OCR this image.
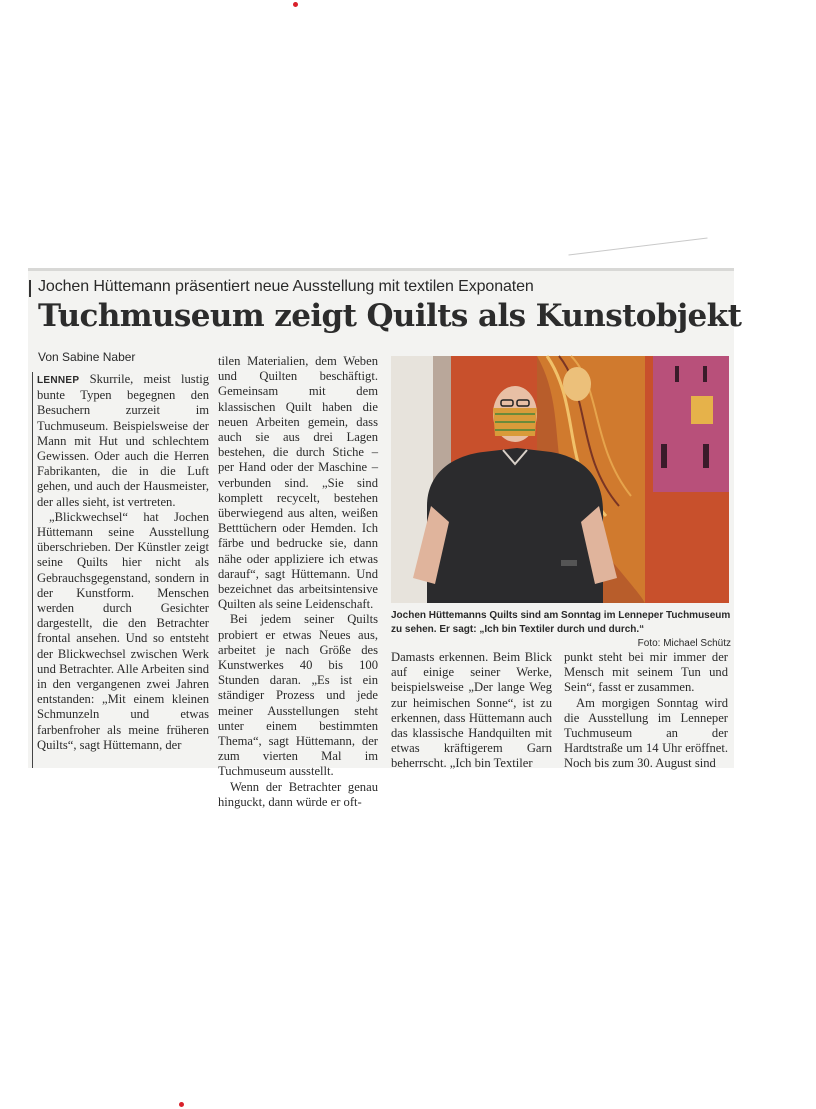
Jochen Hüttemann präsentiert neue Ausstellung mit textilen Exponaten
Tuchmuseum zeigt Quilts als Kunstobjekt
Von Sabine Naber

LENNEP Skurrile, meist lustig bunte Typen begegnen den Besuchern zurzeit im Tuchmuseum. Beispielsweise der Mann mit Hut und schlechtem Gewissen. Oder auch die Herren Fabrikanten, die in die Luft gehen, und auch der Hausmeister, der alles sieht, ist vertreten.

„Blickwechsel“ hat Jochen Hüttemann seine Ausstellung überschrieben. Der Künstler zeigt seine Quilts hier nicht als Gebrauchsgegenstand, sondern in der Kunstform. Menschen werden durch Gesichter dargestellt, die den Betrachter frontal ansehen. Und so entsteht der Blickwechsel zwischen Werk und Betrachter. Alle Arbeiten sind in den vergangenen zwei Jahren entstanden: „Mit einem kleinen Schmunzeln und etwas farbenfroher als meine früheren Quilts“, sagt Hüttemann, der

tilen Materialien, dem Weben und Quilten beschäftigt. Gemeinsam mit dem klassischen Quilt haben die neuen Arbeiten gemein, dass auch sie aus drei Lagen bestehen, die durch Stiche – per Hand oder der Maschine – verbunden sind. „Sie sind komplett recycelt, bestehen überwiegend aus alten, weißen Betttüchern oder Hemden. Ich färbe und bedrucke sie, dann nähe oder appliziere ich etwas darauf“, sagt Hüttemann. Und bezeichnet das arbeitsintensive Quilten als seine Leidenschaft.

Bei jedem seiner Quilts probiert er etwas Neues aus, arbeitet je nach Größe des Kunstwerkes 40 bis 100 Stunden daran. „Es ist ein ständiger Prozess und jede meiner Ausstellungen steht unter einem bestimmten Thema“, sagt Hüttemann, der zum vierten Mal im Tuchmuseum ausstellt.

Wenn der Betrachter genau hinguckt, dann würde er oft-

Jochen Hüttemanns Quilts sind am Sonntag im Lenneper Tuchmuseum zu sehen. Er sagt: „Ich bin Textiler durch und durch.“
Foto: Michael Schütz

Damasts erkennen. Beim Blick auf einige seiner Werke, beispielsweise „Der lange Weg zur heimischen Sonne“, ist zu erkennen, dass Hüttemann auch das klassische Handquilten mit etwas kräftigerem Garn beherrscht. „Ich bin Textiler

punkt steht bei mir immer der Mensch mit seinem Tun und Sein“, fasst er zusammen.

Am morgigen Sonntag wird die Ausstellung im Lenneper Tuchmuseum an der Hardtstraße um 14 Uhr eröffnet. Noch bis zum 30. August sind
